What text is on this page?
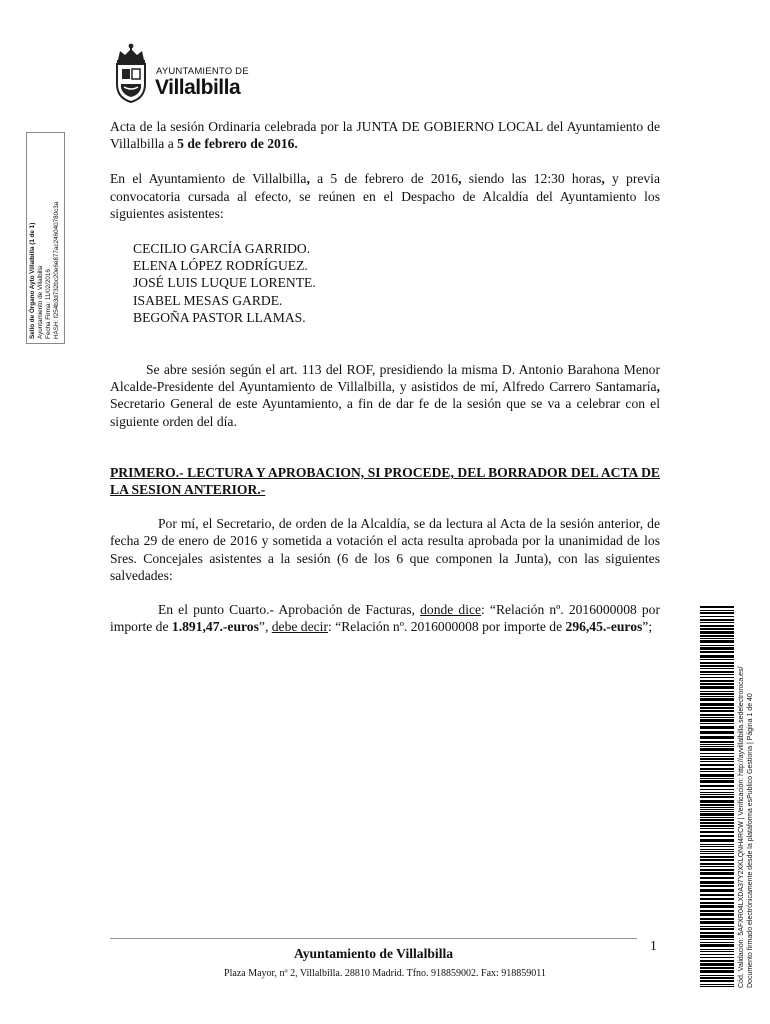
AYUNTAMIENTO DE
Villalbilla
Sello de Órgano Ayto Villalbilla (1 de 1) Ayuntamiento de Villalbilla Fecha Firma: 11/02/2016 HASH: f254b3d732bc20e6e877ac246040780c3a

Acta de la sesión Ordinaria celebrada por la JUNTA DE GOBIERNO LOCAL del Ayuntamiento de Villalbilla a 5 de febrero de 2016.

En el Ayuntamiento de Villalbilla, a 5 de febrero de 2016, siendo las 12:30 horas, y previa convocatoria cursada al efecto, se reúnen en el Despacho de Alcaldía del Ayuntamiento los siguientes asistentes:

CECILIO GARCÍA GARRIDO.
ELENA LÓPEZ RODRÍGUEZ.
JOSÉ LUIS LUQUE LORENTE.
ISABEL MESAS GARDE.
BEGOÑA PASTOR LLAMAS.

Se abre sesión según el art. 113 del ROF, presidiendo la misma D. Antonio Barahona Menor Alcalde-Presidente del Ayuntamiento de Villalbilla, y asistidos de mí, Alfredo Carrero Santamaría, Secretario General de este Ayuntamiento, a fin de dar fe de la sesión que se va a celebrar con el siguiente orden del día.

PRIMERO.- LECTURA Y APROBACION, SI PROCEDE, DEL BORRADOR DEL ACTA DE LA SESION ANTERIOR.-

Por mí, el Secretario, de orden de la Alcaldía, se da lectura al Acta de la sesión anterior, de fecha 29 de enero de 2016 y sometida a votación el acta resulta aprobada por la unanimidad de los Sres. Concejales asistentes a la sesión (6 de los 6 que componen la Junta), con las siguientes salvedades:

En el punto Cuarto.- Aprobación de Facturas, donde dice: “Relación nº. 2016000008 por importe de 1.891,47.-euros”, debe decir: “Relación nº. 2016000008 por importe de 296,45.-euros”;

Cód. Validación: 5AFXR04LXDA37Y2XKLQNH4RCW | Verificación: http://ayvillalbilla.sedelectronica.es/ Documento firmado electrónicamente desde la plataforma esPublico Gestiona | Página 1 de 40
1
Ayuntamiento de Villalbilla
Plaza Mayor, nº 2, Villalbilla. 28810 Madrid. Tfno. 918859002. Fax: 918859011
